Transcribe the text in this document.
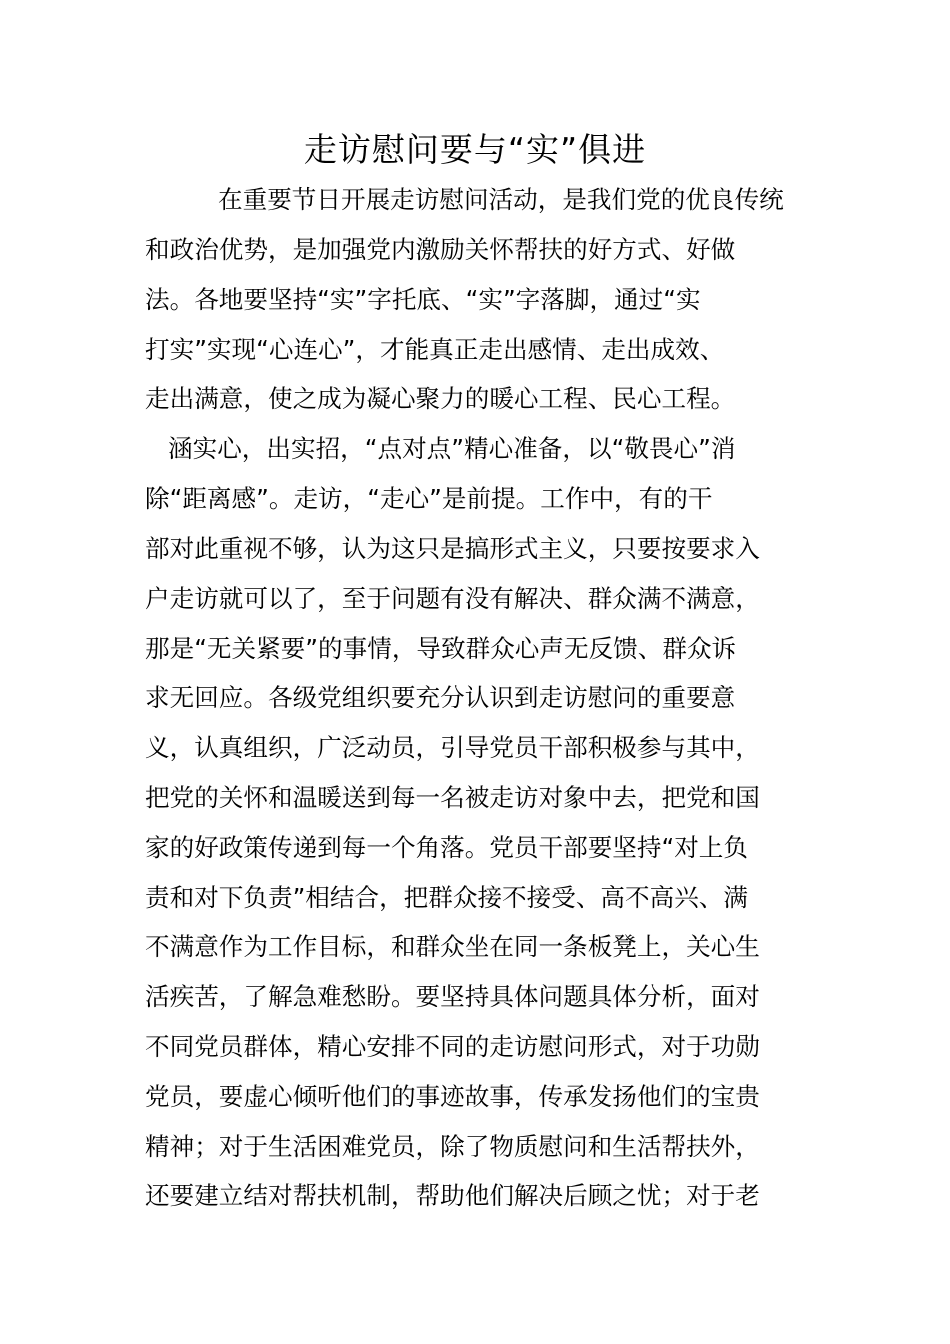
走访慰问要与“实”俱进

在重要节日开展走访慰问活动，是我们党的优良传统

和政治优势，是加强党内激励关怀帮扶的好方式、好做

法。各地要坚持“实”字托底、“实”字落脚，通过“实

打实”实现“心连心”，才能真正走出感情、走出成效、

走出满意，使之成为凝心聚力的暖心工程、民心工程。

涵实心，出实招，“点对点”精心准备，以“敬畏心”消

除“距离感”。走访，“走心”是前提。工作中，有的干

部对此重视不够，认为这只是搞形式主义，只要按要求入

户走访就可以了，至于问题有没有解决、群众满不满意，

那是“无关紧要”的事情，导致群众心声无反馈、群众诉

求无回应。各级党组织要充分认识到走访慰问的重要意

义，认真组织，广泛动员，引导党员干部积极参与其中，

把党的关怀和温暖送到每一名被走访对象中去，把党和国

家的好政策传递到每一个角落。党员干部要坚持“对上负

责和对下负责”相结合，把群众接不接受、高不高兴、满

不满意作为工作目标，和群众坐在同一条板凳上，关心生

活疾苦，了解急难愁盼。要坚持具体问题具体分析，面对

不同党员群体，精心安排不同的走访慰问形式，对于功勋

党员，要虚心倾听他们的事迹故事，传承发扬他们的宝贵

精神；对于生活困难党员，除了物质慰问和生活帮扶外，

还要建立结对帮扶机制，帮助他们解决后顾之忧；对于老
